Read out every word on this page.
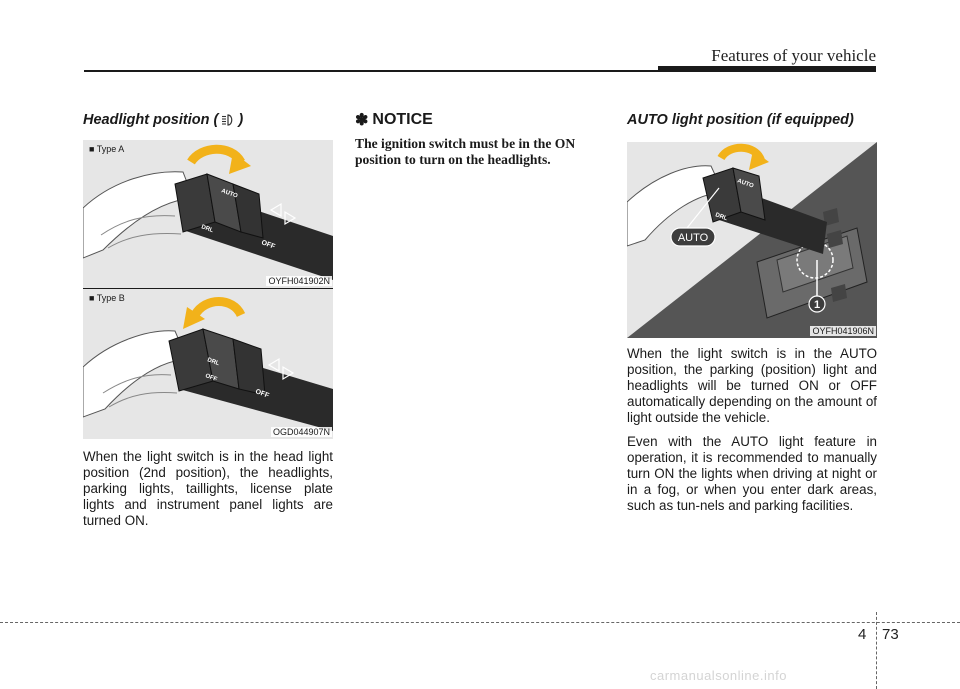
Features of your vehicle
Headlight position ( )
AUTO
DRL
OFF
■ Type A
OYFH041902N
DRL
OFF
OFF
■ Type B
OGD044907N

When the light switch is in the head light position (2nd position), the headlights, parking lights, taillights, license plate lights and instrument panel lights are turned ON.

✽ NOTICE

The ignition switch must be in the ON position to turn on the headlights.

AUTO light position (if equipped)
AUTO
DRL
AUTO
1
OYFH041906N

When the light switch is in the AUTO position, the parking (position) light and headlights will be turned ON or OFF automatically depending on the amount of light outside the vehicle.

Even with the AUTO light feature in operation, it is recommended to manually turn ON the lights when driving at night or in a fog, or when you enter dark areas, such as tun-nels and parking facilities.

4 73
carmanualsonline.info
